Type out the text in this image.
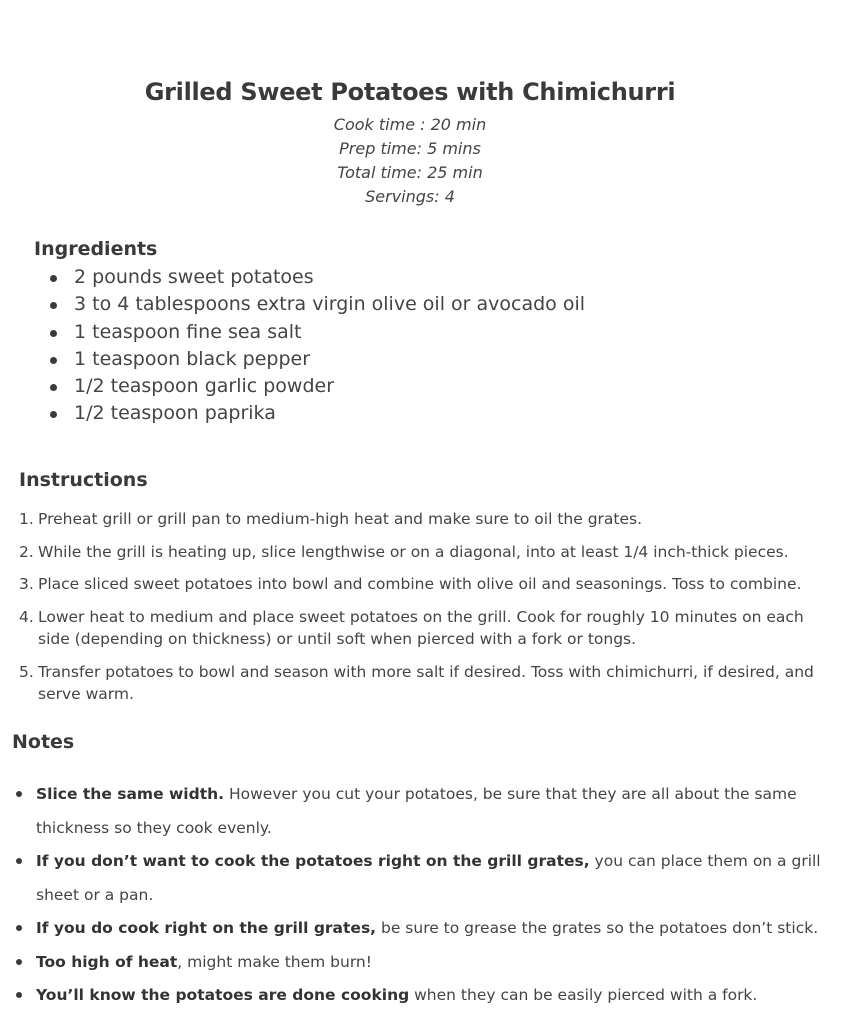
Grilled Sweet Potatoes with Chimichurri
Cook time : 20 min
Prep time: 5 mins
Total time: 25 min
Servings: 4
Ingredients
2 pounds sweet potatoes
3 to 4 tablespoons extra virgin olive oil or avocado oil
1 teaspoon fine sea salt
1 teaspoon black pepper
1/2 teaspoon garlic powder
1/2 teaspoon paprika
Instructions
1. Preheat grill or grill pan to medium-high heat and make sure to oil the grates.
2. While the grill is heating up, slice lengthwise or on a diagonal, into at least 1/4 inch-thick pieces.
3. Place sliced sweet potatoes into bowl and combine with olive oil and seasonings. Toss to combine.
4. Lower heat to medium and place sweet potatoes on the grill. Cook for roughly 10 minutes on each side (depending on thickness) or until soft when pierced with a fork or tongs.
5. Transfer potatoes to bowl and season with more salt if desired. Toss with chimichurri, if desired, and serve warm.
Notes
Slice the same width. However you cut your potatoes, be sure that they are all about the same thickness so they cook evenly.
If you don’t want to cook the potatoes right on the grill grates, you can place them on a grill sheet or a pan.
If you do cook right on the grill grates, be sure to grease the grates so the potatoes don’t stick.
Too high of heat, might make them burn!
You’ll know the potatoes are done cooking when they can be easily pierced with a fork.
